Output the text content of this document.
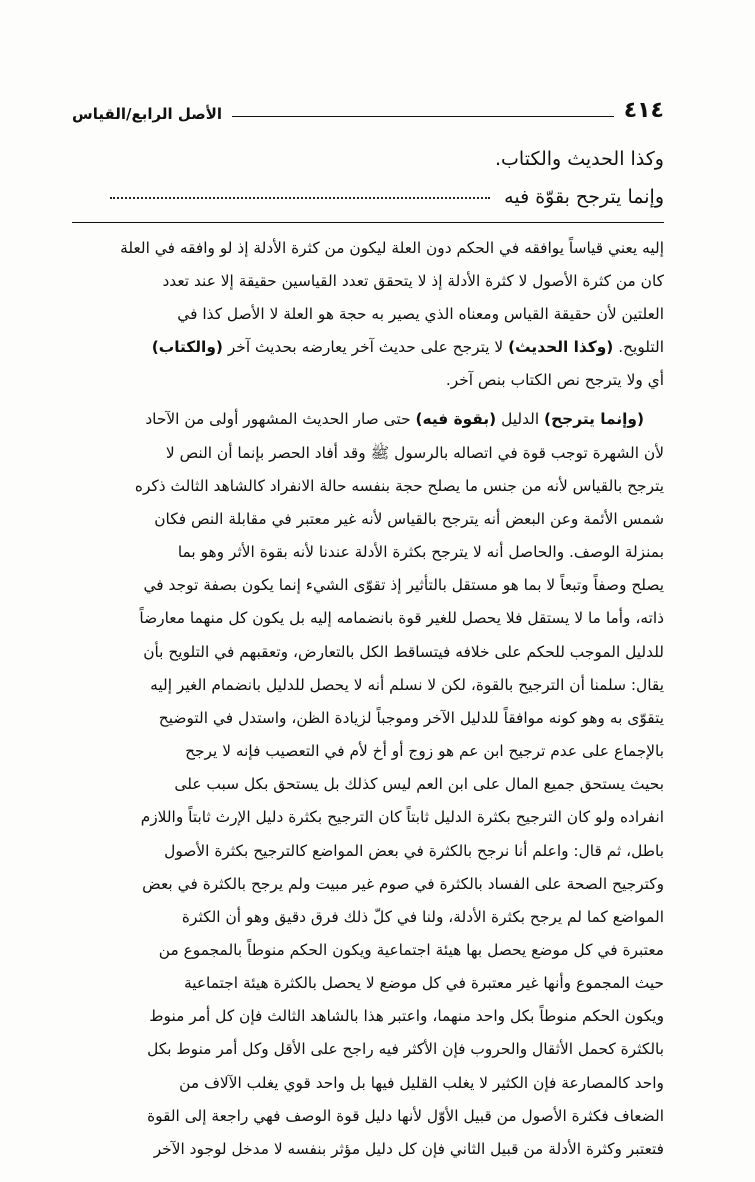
٤١٤
الأصل الرابع/القياس
وكذا الحديث والكتاب.
وإنما يترجح بقوّة فيه

إليه يعني قياساً يوافقه في الحكم دون العلة ليكون من كثرة الأدلة إذ لو وافقه في العلة

كان من كثرة الأصول لا كثرة الأدلة إذ لا يتحقق تعدد القياسين حقيقة إلا عند تعدد

العلتين لأن حقيقة القياس ومعناه الذي يصير به حجة هو العلة لا الأصل كذا في

التلويح. (وكذا الحديث) لا يترجح على حديث آخر يعارضه بحديث آخر (والكتاب)

أي ولا يترجح نص الكتاب بنص آخر.

(وإنما يترجح) الدليل (بقوة فيه) حتى صار الحديث المشهور أولى من الآحاد

لأن الشهرة توجب قوة في اتصاله بالرسول ﷺ وقد أفاد الحصر بإنما أن النص لا

يترجح بالقياس لأنه من جنس ما يصلح حجة بنفسه حالة الانفراد كالشاهد الثالث ذكره

شمس الأئمة وعن البعض أنه يترجح بالقياس لأنه غير معتبر في مقابلة النص فكان

بمنزلة الوصف. والحاصل أنه لا يترجح بكثرة الأدلة عندنا لأنه بقوة الأثر وهو بما

يصلح وصفاً وتبعاً لا بما هو مستقل بالتأثير إذ تقوّى الشيء إنما يكون بصفة توجد في

ذاته، وأما ما لا يستقل فلا يحصل للغير قوة بانضمامه إليه بل يكون كل منهما معارضاً

للدليل الموجب للحكم على خلافه فيتساقط الكل بالتعارض، وتعقبهم في التلويح بأن

يقال: سلمنا أن الترجيح بالقوة، لكن لا نسلم أنه لا يحصل للدليل بانضمام الغير إليه

يتقوّى به وهو كونه موافقاً للدليل الآخر وموجباً لزيادة الظن، واستدل في التوضيح

بالإجماع على عدم ترجيح ابن عم هو زوج أو أخ لأم في التعصيب فإنه لا يرجح

بحيث يستحق جميع المال على ابن العم ليس كذلك بل يستحق بكل سبب على

انفراده ولو كان الترجيح بكثرة الدليل ثابتاً كان الترجيح بكثرة دليل الإرث ثابتاً واللازم

باطل، ثم قال: واعلم أنا نرجح بالكثرة في بعض المواضع كالترجيح بكثرة الأصول

وكترجيح الصحة على الفساد بالكثرة في صوم غير مبيت ولم يرجح بالكثرة في بعض

المواضع كما لم يرجح بكثرة الأدلة، ولنا في كلّ ذلك فرق دقيق وهو أن الكثرة

معتبرة في كل موضع يحصل بها هيئة اجتماعية ويكون الحكم منوطاً بالمجموع من

حيث المجموع وأنها غير معتبرة في كل موضع لا يحصل بالكثرة هيئة اجتماعية

ويكون الحكم منوطاً بكل واحد منهما، واعتبر هذا بالشاهد الثالث فإن كل أمر منوط

بالكثرة كحمل الأثقال والحروب فإن الأكثر فيه راجح على الأقل وكل أمر منوط بكل

واحد كالمصارعة فإن الكثير لا يغلب القليل فيها بل واحد قوي يغلب الآلاف من

الضعاف فكثرة الأصول من قبيل الأوّل لأنها دليل قوة الوصف فهي راجعة إلى القوة

فتعتبر وكثرة الأدلة من قبيل الثاني فإن كل دليل مؤثر بنفسه لا مدخل لوجود الآخر
